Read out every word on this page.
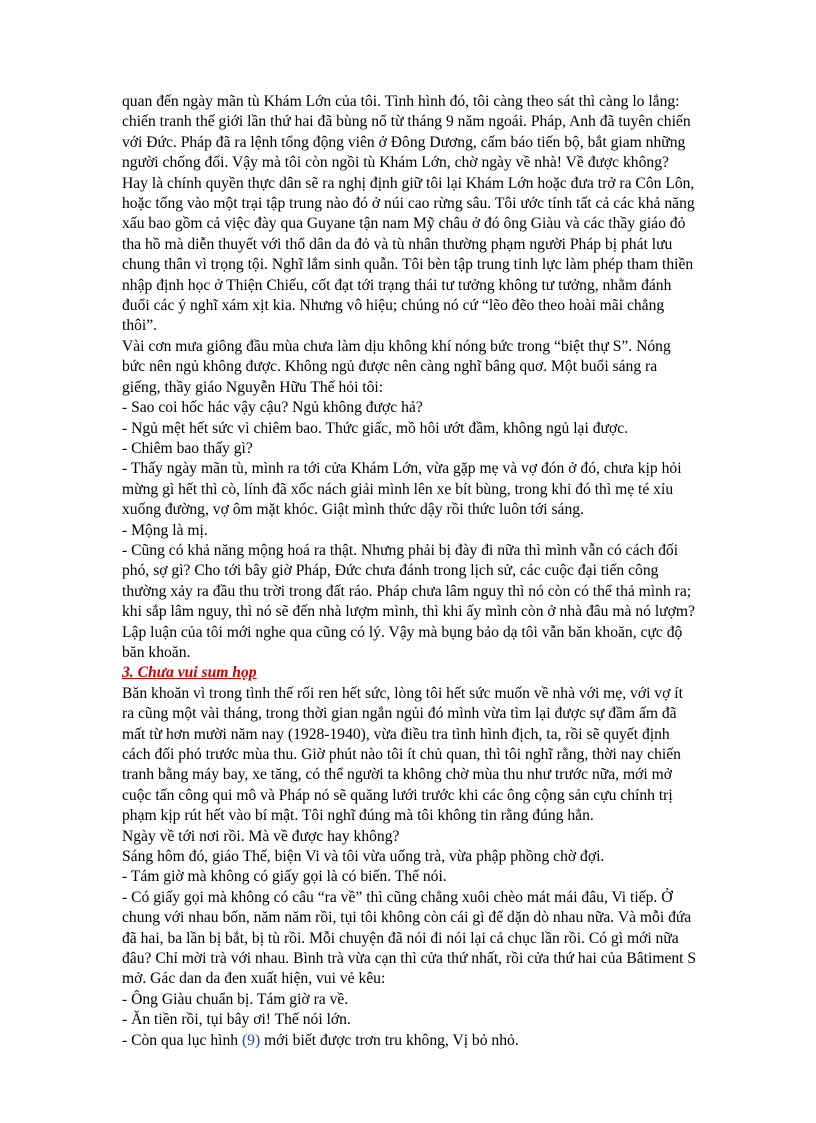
quan đến ngày mãn tù Khám Lớn của tôi. Tình hình đó, tôi càng theo sát thì càng lo lắng: chiến tranh thế giới lần thứ hai đã bùng nổ từ tháng 9 năm ngoái. Pháp, Anh đã tuyên chiến với Đức. Pháp đã ra lệnh tổng động viên ở Đông Dương, cấm báo tiến bộ, bắt giam những người chống đối. Vậy mà tôi còn ngồi tù Khám Lớn, chờ ngày về nhà! Về được không? Hay là chính quyền thực dân sẽ ra nghị định giữ tôi lại Khám Lớn hoặc đưa trở ra Côn Lôn, hoặc tống vào một trại tập trung nào đó ở núi cao rừng sâu. Tôi ước tính tất cả các khả năng xấu bao gồm cả việc đày qua Guyane tận nam Mỹ châu ở đó ông Giàu và các thầy giáo đỏ tha hồ mà diễn thuyết với thổ dân da đỏ và tù nhân thường phạm người Pháp bị phát lưu chung thân vì trọng tội. Nghĩ lắm sinh quẫn. Tôi bèn tập trung tinh lực làm phép tham thiền nhập định học ở Thiện Chiếu, cốt đạt tới trạng thái tư tưởng không tư tưởng, nhằm đánh đuổi các ý nghĩ xám xịt kia. Nhưng vô hiệu; chúng nó cứ “lẽo đẽo theo hoài mãi chẳng thôi”.

Vài cơn mưa giông đầu mùa chưa làm dịu không khí nóng bức trong “biệt thự S”. Nóng bức nên ngủ không được. Không ngủ được nên càng nghĩ bâng quơ. Một buổi sáng ra giếng, thầy giáo Nguyễn Hữu Thế hỏi tôi:

- Sao coi hốc hác vậy cậu? Ngủ không được hả?

- Ngủ mệt hết sức vì chiêm bao. Thức giấc, mồ hôi ướt đầm, không ngủ lại được.

- Chiêm bao thấy gì?

- Thấy ngày mãn tù, mình ra tới cửa Khám Lớn, vừa gặp mẹ và vợ đón ở đó, chưa kịp hỏi mừng gì hết thì cò, lính đã xốc nách giải mình lên xe bít bùng, trong khi đó thì mẹ té xỉu xuống đường, vợ ôm mặt khóc. Giật mình thức dậy rồi thức luôn tới sáng.

- Mộng là mị.

- Cũng có khả năng mộng hoá ra thật. Nhưng phải bị đày đi nữa thì mình vẫn có cách đối phó, sợ gì? Cho tới bây giờ Pháp, Đức chưa đánh trong lịch sử, các cuộc đại tiến công thường xảy ra đầu thu trời trong đất ráo. Pháp chưa lâm nguy thì nó còn có thể thả mình ra; khi sắp lâm nguy, thì nó sẽ đến nhà lượm mình, thì khi ấy mình còn ở nhà đâu mà nó lượm?

Lập luận của tôi mới nghe qua cũng có lý. Vậy mà bụng bảo dạ tôi vẫn băn khoăn, cực độ băn khoăn.

3. Chưa vui sum họp

Băn khoăn vì trong tình thế rối ren hết sức, lòng tôi hết sức muốn về nhà với mẹ, với vợ ít ra cũng một vài tháng, trong thời gian ngắn ngủi đó mình vừa tìm lại được sự đầm ấm đã mất từ hơn mười năm nay (1928-1940), vừa điều tra tình hình địch, ta, rồi sẽ quyết định cách đối phó trước mùa thu. Giờ phút nào tôi ít chủ quan, thì tôi nghĩ rằng, thời nay chiến tranh bằng máy bay, xe tăng, có thể người ta không chờ mùa thu như trước nữa, mới mở cuộc tấn công qui mô và Pháp nó sẽ quăng lưới trước khi các ông cộng sản cựu chính trị phạm kịp rút hết vào bí mật. Tôi nghĩ đúng mà tôi không tin rằng đúng hẳn.

Ngày về tới nơi rồi. Mà về được hay không?

Sáng hôm đó, giáo Thế, biện Vi và tôi vừa uống trà, vừa phập phồng chờ đợi.

- Tám giờ mà không có giấy gọi là có biến. Thế nói.

- Có giấy gọi mà không có câu “ra về” thì cũng chẳng xuôi chèo mát mái đâu, Vi tiếp. Ở chung với nhau bốn, năm năm rồi, tụi tôi không còn cái gì để dặn dò nhau nữa. Và mỗi đứa đã hai, ba lần bị bắt, bị tù rồi. Mỗi chuyện đã nói đi nói lại cả chục lần rồi. Có gì mới nữa đâu? Chỉ mời trà với nhau. Bình trà vừa cạn thì cửa thứ nhất, rồi cửa thứ hai của Bâtiment S mở. Gác dan da đen xuất hiện, vui vẻ kêu:

- Ông Giàu chuẩn bị. Tám giờ ra về.

- Ăn tiền rồi, tụi bây ơi! Thế nói lớn.

- Còn qua lục hình (9) mới biết được trơn tru không, Vị bỏ nhỏ.
